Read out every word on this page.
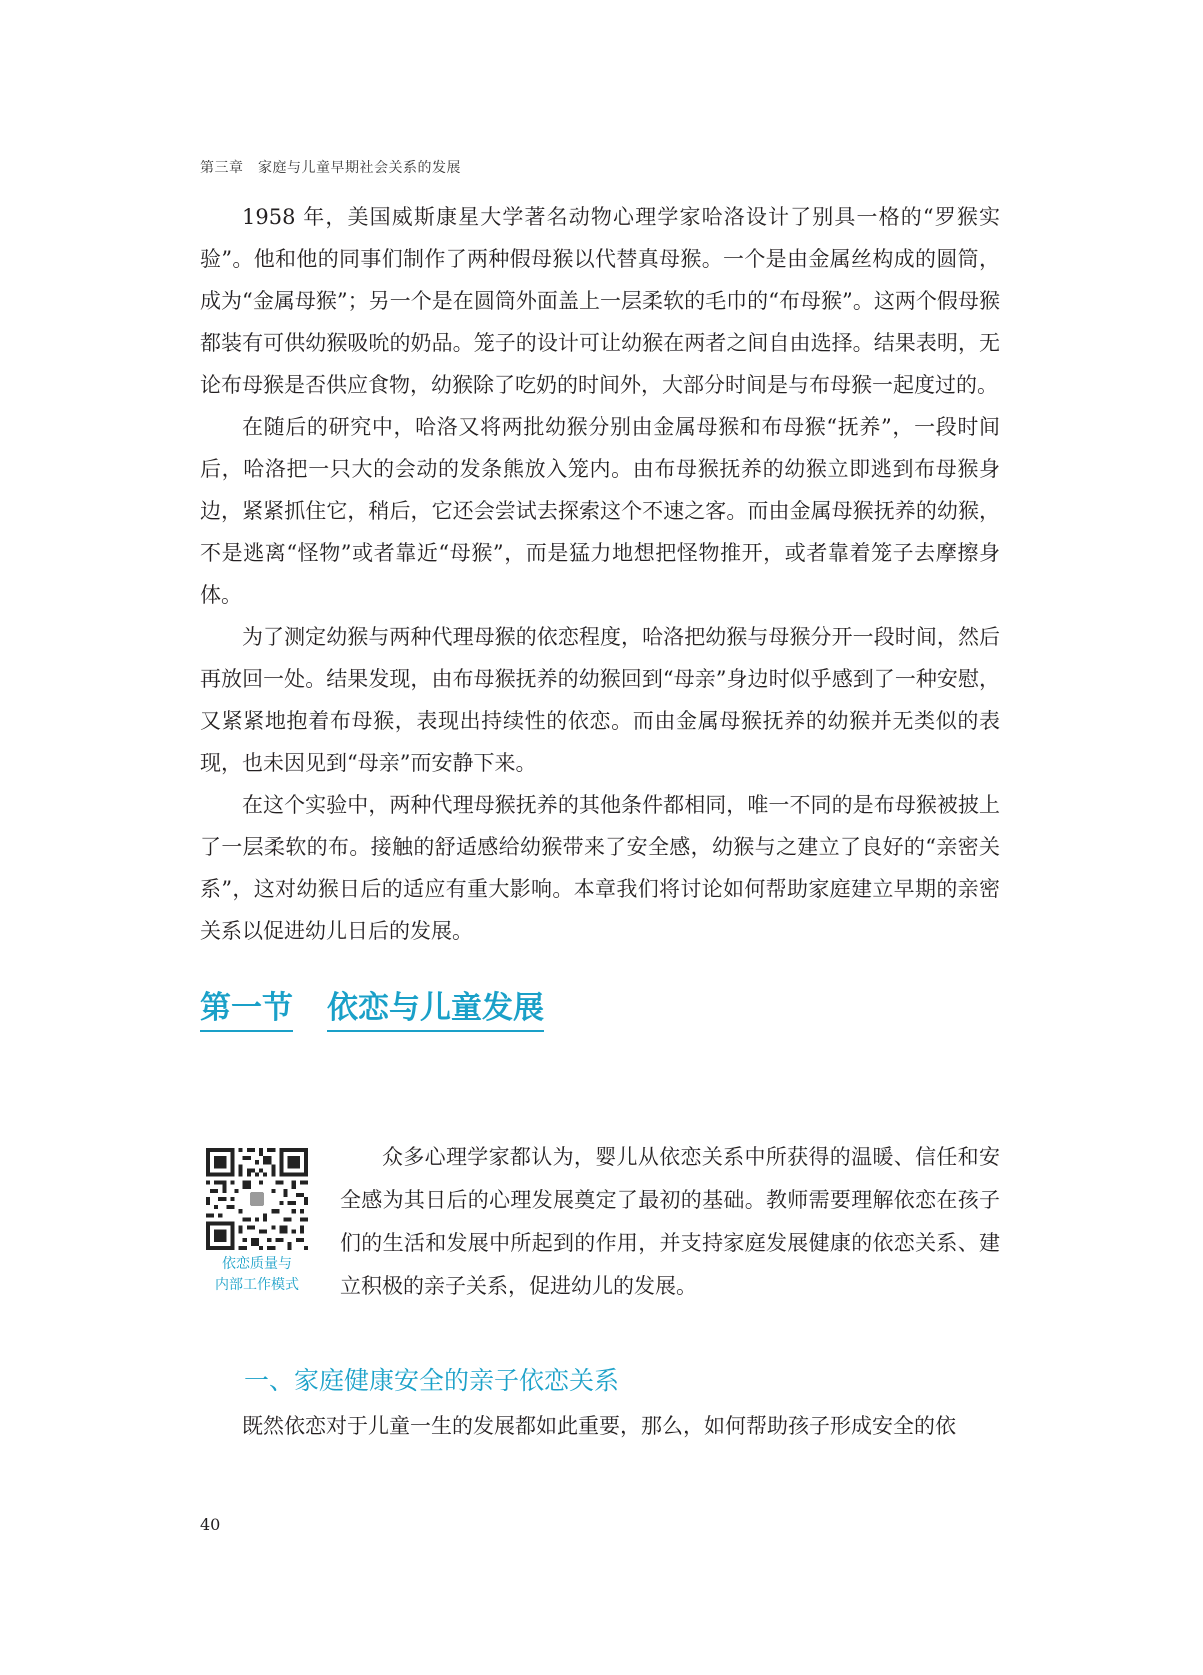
第三章　家庭与儿童早期社会关系的发展

1958 年，美国威斯康星大学著名动物心理学家哈洛设计了别具一格的“罗猴实验”。他和他的同事们制作了两种假母猴以代替真母猴。一个是由金属丝构成的圆筒，成为“金属母猴”；另一个是在圆筒外面盖上一层柔软的毛巾的“布母猴”。这两个假母猴都装有可供幼猴吸吮的奶品。笼子的设计可让幼猴在两者之间自由选择。结果表明，无论布母猴是否供应食物，幼猴除了吃奶的时间外，大部分时间是与布母猴一起度过的。

在随后的研究中，哈洛又将两批幼猴分别由金属母猴和布母猴“抚养”，一段时间后，哈洛把一只大的会动的发条熊放入笼内。由布母猴抚养的幼猴立即逃到布母猴身边，紧紧抓住它，稍后，它还会尝试去探索这个不速之客。而由金属母猴抚养的幼猴，不是逃离“怪物”或者靠近“母猴”，而是猛力地想把怪物推开，或者靠着笼子去摩擦身体。

为了测定幼猴与两种代理母猴的依恋程度，哈洛把幼猴与母猴分开一段时间，然后再放回一处。结果发现，由布母猴抚养的幼猴回到“母亲”身边时似乎感到了一种安慰，又紧紧地抱着布母猴，表现出持续性的依恋。而由金属母猴抚养的幼猴并无类似的表现，也未因见到“母亲”而安静下来。

在这个实验中，两种代理母猴抚养的其他条件都相同，唯一不同的是布母猴被披上了一层柔软的布。接触的舒适感给幼猴带来了安全感，幼猴与之建立了良好的“亲密关系”，这对幼猴日后的适应有重大影响。本章我们将讨论如何帮助家庭建立早期的亲密关系以促进幼儿日后的发展。

第一节 依恋与儿童发展
依恋质量与
内部工作模式

众多心理学家都认为，婴儿从依恋关系中所获得的温暖、信任和安全感为其日后的心理发展奠定了最初的基础。教师需要理解依恋在孩子们的生活和发展中所起到的作用，并支持家庭发展健康的依恋关系、建立积极的亲子关系，促进幼儿的发展。

一、家庭健康安全的亲子依恋关系

既然依恋对于儿童一生的发展都如此重要，那么，如何帮助孩子形成安全的依

40
